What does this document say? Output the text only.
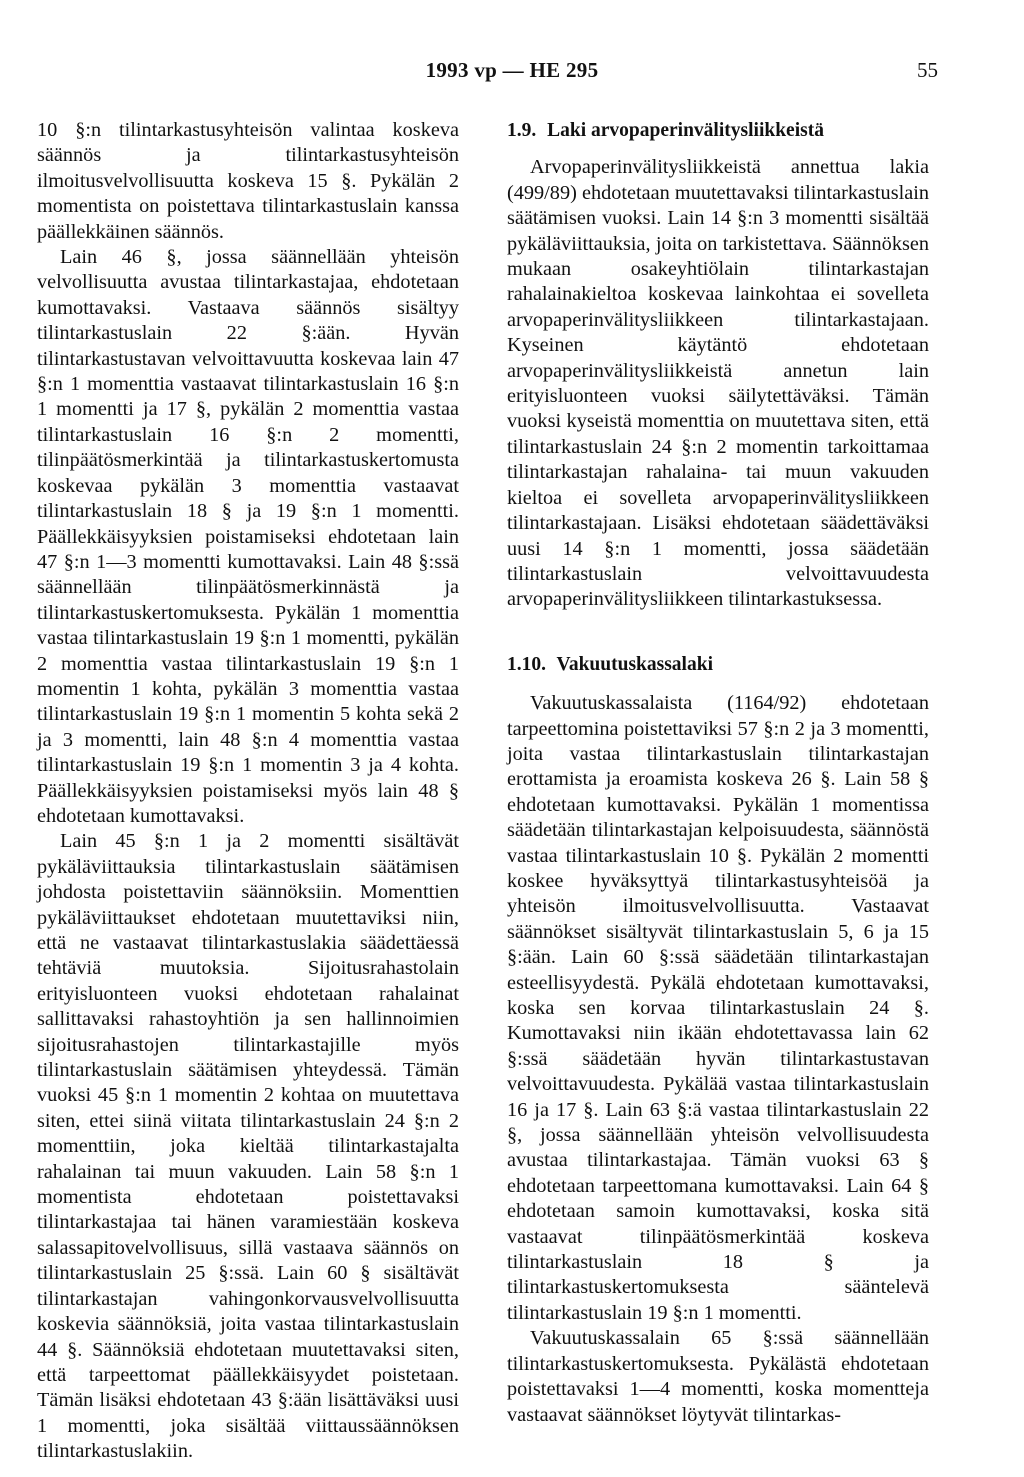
1993 vp — HE 295	55

10 §:n tilintarkastusyhteisön valintaa koskeva säännös ja tilintarkastusyhteisön ilmoitusvelvollisuutta koskeva 15 §. Pykälän 2 momentista on poistettava tilintarkastuslain kanssa päällekkäinen säännös.

Lain 46 §, jossa säännellään yhteisön velvollisuutta avustaa tilintarkastajaa, ehdotetaan kumottavaksi. Vastaava säännös sisältyy tilintarkastuslain 22 §:ään. Hyvän tilintarkastustavan velvoittavuutta koskevaa lain 47 §:n 1 momenttia vastaavat tilintarkastuslain 16 §:n 1 momentti ja 17 §, pykälän 2 momenttia vastaa tilintarkastuslain 16 §:n 2 momentti, tilinpäätösmerkintää ja tilintarkastuskertomusta koskevaa pykälän 3 momenttia vastaavat tilintarkastuslain 18 § ja 19 §:n 1 momentti. Päällekkäisyyksien poistamiseksi ehdotetaan lain 47 §:n 1—3 momentti kumottavaksi. Lain 48 §:ssä säännellään tilinpäätösmerkinnästä ja tilintarkastuskertomuksesta. Pykälän 1 momenttia vastaa tilintarkastuslain 19 §:n 1 momentti, pykälän 2 momenttia vastaa tilintarkastuslain 19 §:n 1 momentin 1 kohta, pykälän 3 momenttia vastaa tilintarkastuslain 19 §:n 1 momentin 5 kohta sekä 2 ja 3 momentti, lain 48 §:n 4 momenttia vastaa tilintarkastuslain 19 §:n 1 momentin 3 ja 4 kohta. Päällekkäisyyksien poistamiseksi myös lain 48 § ehdotetaan kumottavaksi.

Lain 45 §:n 1 ja 2 momentti sisältävät pykäläviittauksia tilintarkastuslain säätämisen johdosta poistettaviin säännöksiin. Momenttien pykäläviittaukset ehdotetaan muutettaviksi niin, että ne vastaavat tilintarkastuslakia säädettäessä tehtäviä muutoksia. Sijoitusrahastolain erityisluonteen vuoksi ehdotetaan rahalainat sallittavaksi rahastoyhtiön ja sen hallinnoimien sijoitusrahastojen tilintarkastajille myös tilintarkastuslain säätämisen yhteydessä. Tämän vuoksi 45 §:n 1 momentin 2 kohtaa on muutettava siten, ettei siinä viitata tilintarkastuslain 24 §:n 2 momenttiin, joka kieltää tilintarkastajalta rahalainan tai muun vakuuden. Lain 58 §:n 1 momentista ehdotetaan poistettavaksi tilintarkastajaa tai hänen varamiestään koskeva salassapitovelvollisuus, sillä vastaava säännös on tilintarkastuslain 25 §:ssä. Lain 60 § sisältävät tilintarkastajan vahingonkorvausvelvollisuutta koskevia säännöksiä, joita vastaa tilintarkastuslain 44 §. Säännöksiä ehdotetaan muutettavaksi siten, että tarpeettomat päällekkäisyydet poistetaan. Tämän lisäksi ehdotetaan 43 §:ään lisättäväksi uusi 1 momentti, joka sisältää viittaussäännöksen tilintarkastuslakiin.

1.9. Laki arvopaperinvälitysliikkeistä

Arvopaperinvälitysliikkeistä annettua lakia (499/89) ehdotetaan muutettavaksi tilintarkastuslain säätämisen vuoksi. Lain 14 §:n 3 momentti sisältää pykäläviittauksia, joita on tarkistettava. Säännöksen mukaan osakeyhtiölain tilintarkastajan rahalainakieltoa koskevaa lainkohtaa ei sovelleta arvopaperinvälitysliikkeen tilintarkastajaan. Kyseinen käytäntö ehdotetaan arvopaperinvälitysliikkeistä annetun lain erityisluonteen vuoksi säilytettäväksi. Tämän vuoksi kyseistä momenttia on muutettava siten, että tilintarkastuslain 24 §:n 2 momentin tarkoittamaa tilintarkastajan rahalaina- tai muun vakuuden kieltoa ei sovelleta arvopaperinvälitysliikkeen tilintarkastajaan. Lisäksi ehdotetaan säädettäväksi uusi 14 §:n 1 momentti, jossa säädetään tilintarkastuslain velvoittavuudesta arvopaperinvälitysliikkeen tilintarkastuksessa.

1.10. Vakuutuskassalaki

Vakuutuskassalaista (1164/92) ehdotetaan tarpeettomina poistettaviksi 57 §:n 2 ja 3 momentti, joita vastaa tilintarkastuslain tilintarkastajan erottamista ja eroamista koskeva 26 §. Lain 58 § ehdotetaan kumottavaksi. Pykälän 1 momentissa säädetään tilintarkastajan kelpoisuudesta, säännöstä vastaa tilintarkastuslain 10 §. Pykälän 2 momentti koskee hyväksyttyä tilintarkastusyhteisöä ja yhteisön ilmoitusvelvollisuutta. Vastaavat säännökset sisältyvät tilintarkastuslain 5, 6 ja 15 §:ään. Lain 60 §:ssä säädetään tilintarkastajan esteellisyydestä. Pykälä ehdotetaan kumottavaksi, koska sen korvaa tilintarkastuslain 24 §. Kumottavaksi niin ikään ehdotettavassa lain 62 §:ssä säädetään hyvän tilintarkastustavan velvoittavuudesta. Pykälää vastaa tilintarkastuslain 16 ja 17 §. Lain 63 §:ä vastaa tilintarkastuslain 22 §, jossa säännellään yhteisön velvollisuudesta avustaa tilintarkastajaa. Tämän vuoksi 63 § ehdotetaan tarpeettomana kumottavaksi. Lain 64 § ehdotetaan samoin kumottavaksi, koska sitä vastaavat tilinpäätösmerkintää koskeva tilintarkastuslain 18 § ja tilintarkastuskertomuksesta sääntelevä tilintarkastuslain 19 §:n 1 momentti.

Vakuutuskassalain 65 §:ssä säännellään tilintarkastuskertomuksesta. Pykälästä ehdotetaan poistettavaksi 1—4 momentti, koska momentteja vastaavat säännökset löytyvät tilintarkas-
